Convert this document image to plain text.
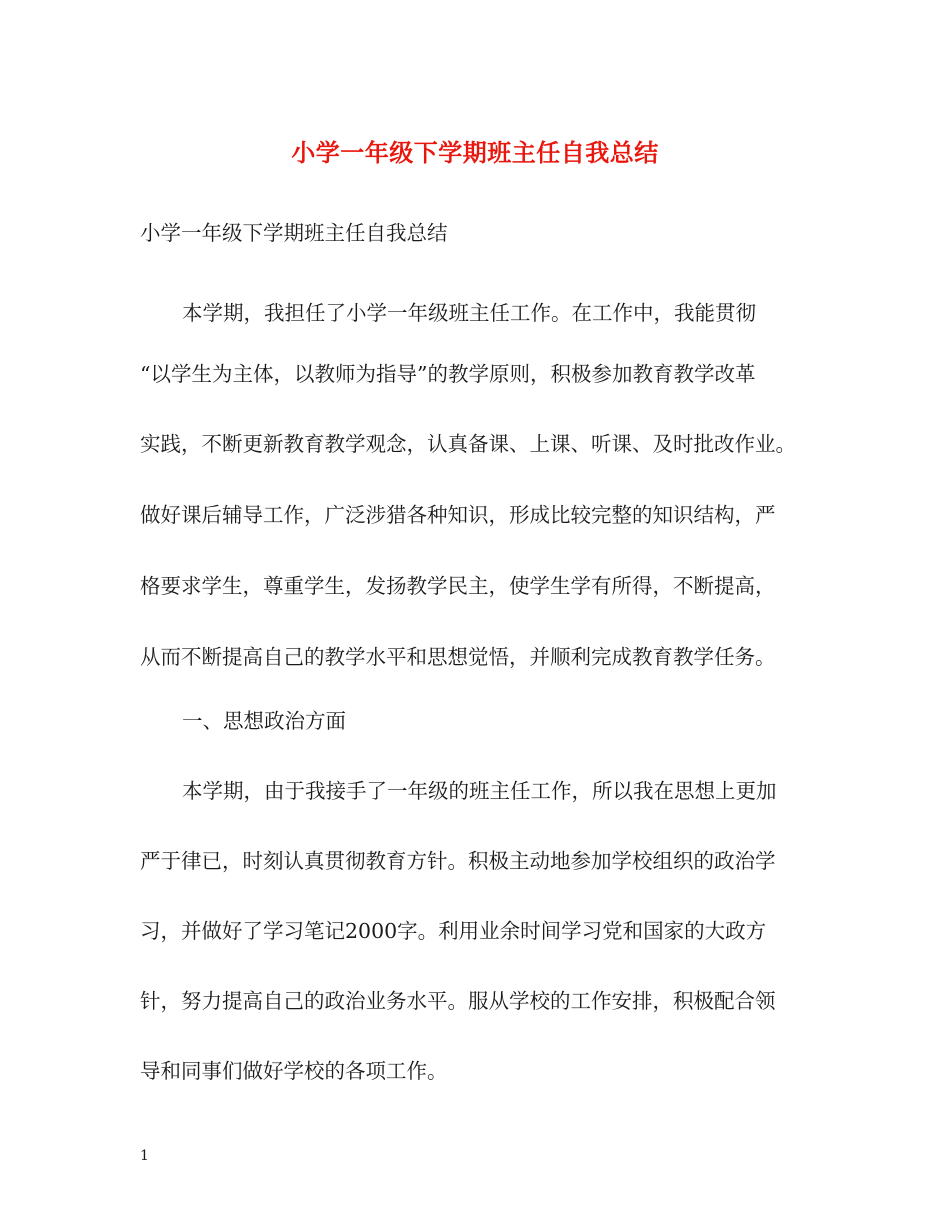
小学一年级下学期班主任自我总结

小学一年级下学期班主任自我总结

本学期，我担任了小学一年级班主任工作。在工作中，我能贯彻

“以学生为主体，以教师为指导”的教学原则，积极参加教育教学改革

实践，不断更新教育教学观念，认真备课、上课、听课、及时批改作业。

做好课后辅导工作，广泛涉猎各种知识，形成比较完整的知识结构，严

格要求学生，尊重学生，发扬教学民主，使学生学有所得，不断提高，

从而不断提高自己的教学水平和思想觉悟，并顺利完成教育教学任务。

一、思想政治方面

本学期，由于我接手了一年级的班主任工作，所以我在思想上更加

严于律已，时刻认真贯彻教育方针。积极主动地参加学校组织的政治学

习，并做好了学习笔记2000字。利用业余时间学习党和国家的大政方

针，努力提高自己的政治业务水平。服从学校的工作安排，积极配合领

导和同事们做好学校的各项工作。

1
